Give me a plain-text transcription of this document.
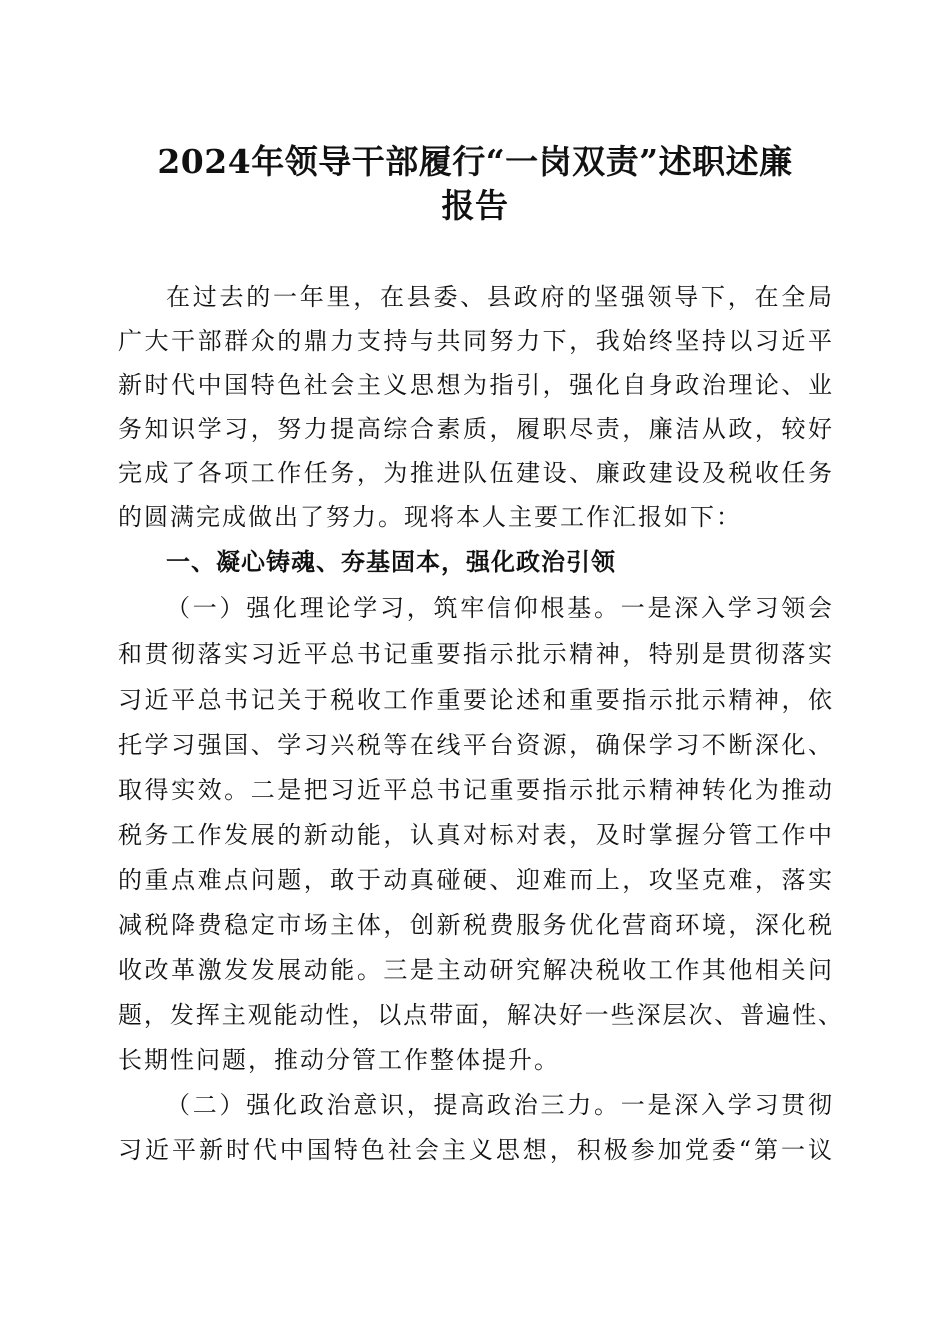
2024年领导干部履行“一岗双责”述职述廉
报告

在过去的一年里，在县委、县政府的坚强领导下，在全局

广大干部群众的鼎力支持与共同努力下，我始终坚持以习近平

新时代中国特色社会主义思想为指引，强化自身政治理论、业

务知识学习，努力提高综合素质，履职尽责，廉洁从政，较好

完成了各项工作任务，为推进队伍建设、廉政建设及税收任务

的圆满完成做出了努力。现将本人主要工作汇报如下：

一、凝心铸魂、夯基固本，强化政治引领

（一）强化理论学习，筑牢信仰根基。一是深入学习领会

和贯彻落实习近平总书记重要指示批示精神，特别是贯彻落实

习近平总书记关于税收工作重要论述和重要指示批示精神，依

托学习强国、学习兴税等在线平台资源，确保学习不断深化、

取得实效。二是把习近平总书记重要指示批示精神转化为推动

税务工作发展的新动能，认真对标对表，及时掌握分管工作中

的重点难点问题，敢于动真碰硬、迎难而上，攻坚克难，落实

减税降费稳定市场主体，创新税费服务优化营商环境，深化税

收改革激发发展动能。三是主动研究解决税收工作其他相关问

题，发挥主观能动性，以点带面，解决好一些深层次、普遍性、

长期性问题，推动分管工作整体提升。

（二）强化政治意识，提高政治三力。一是深入学习贯彻

习近平新时代中国特色社会主义思想，积极参加党委“第一议
